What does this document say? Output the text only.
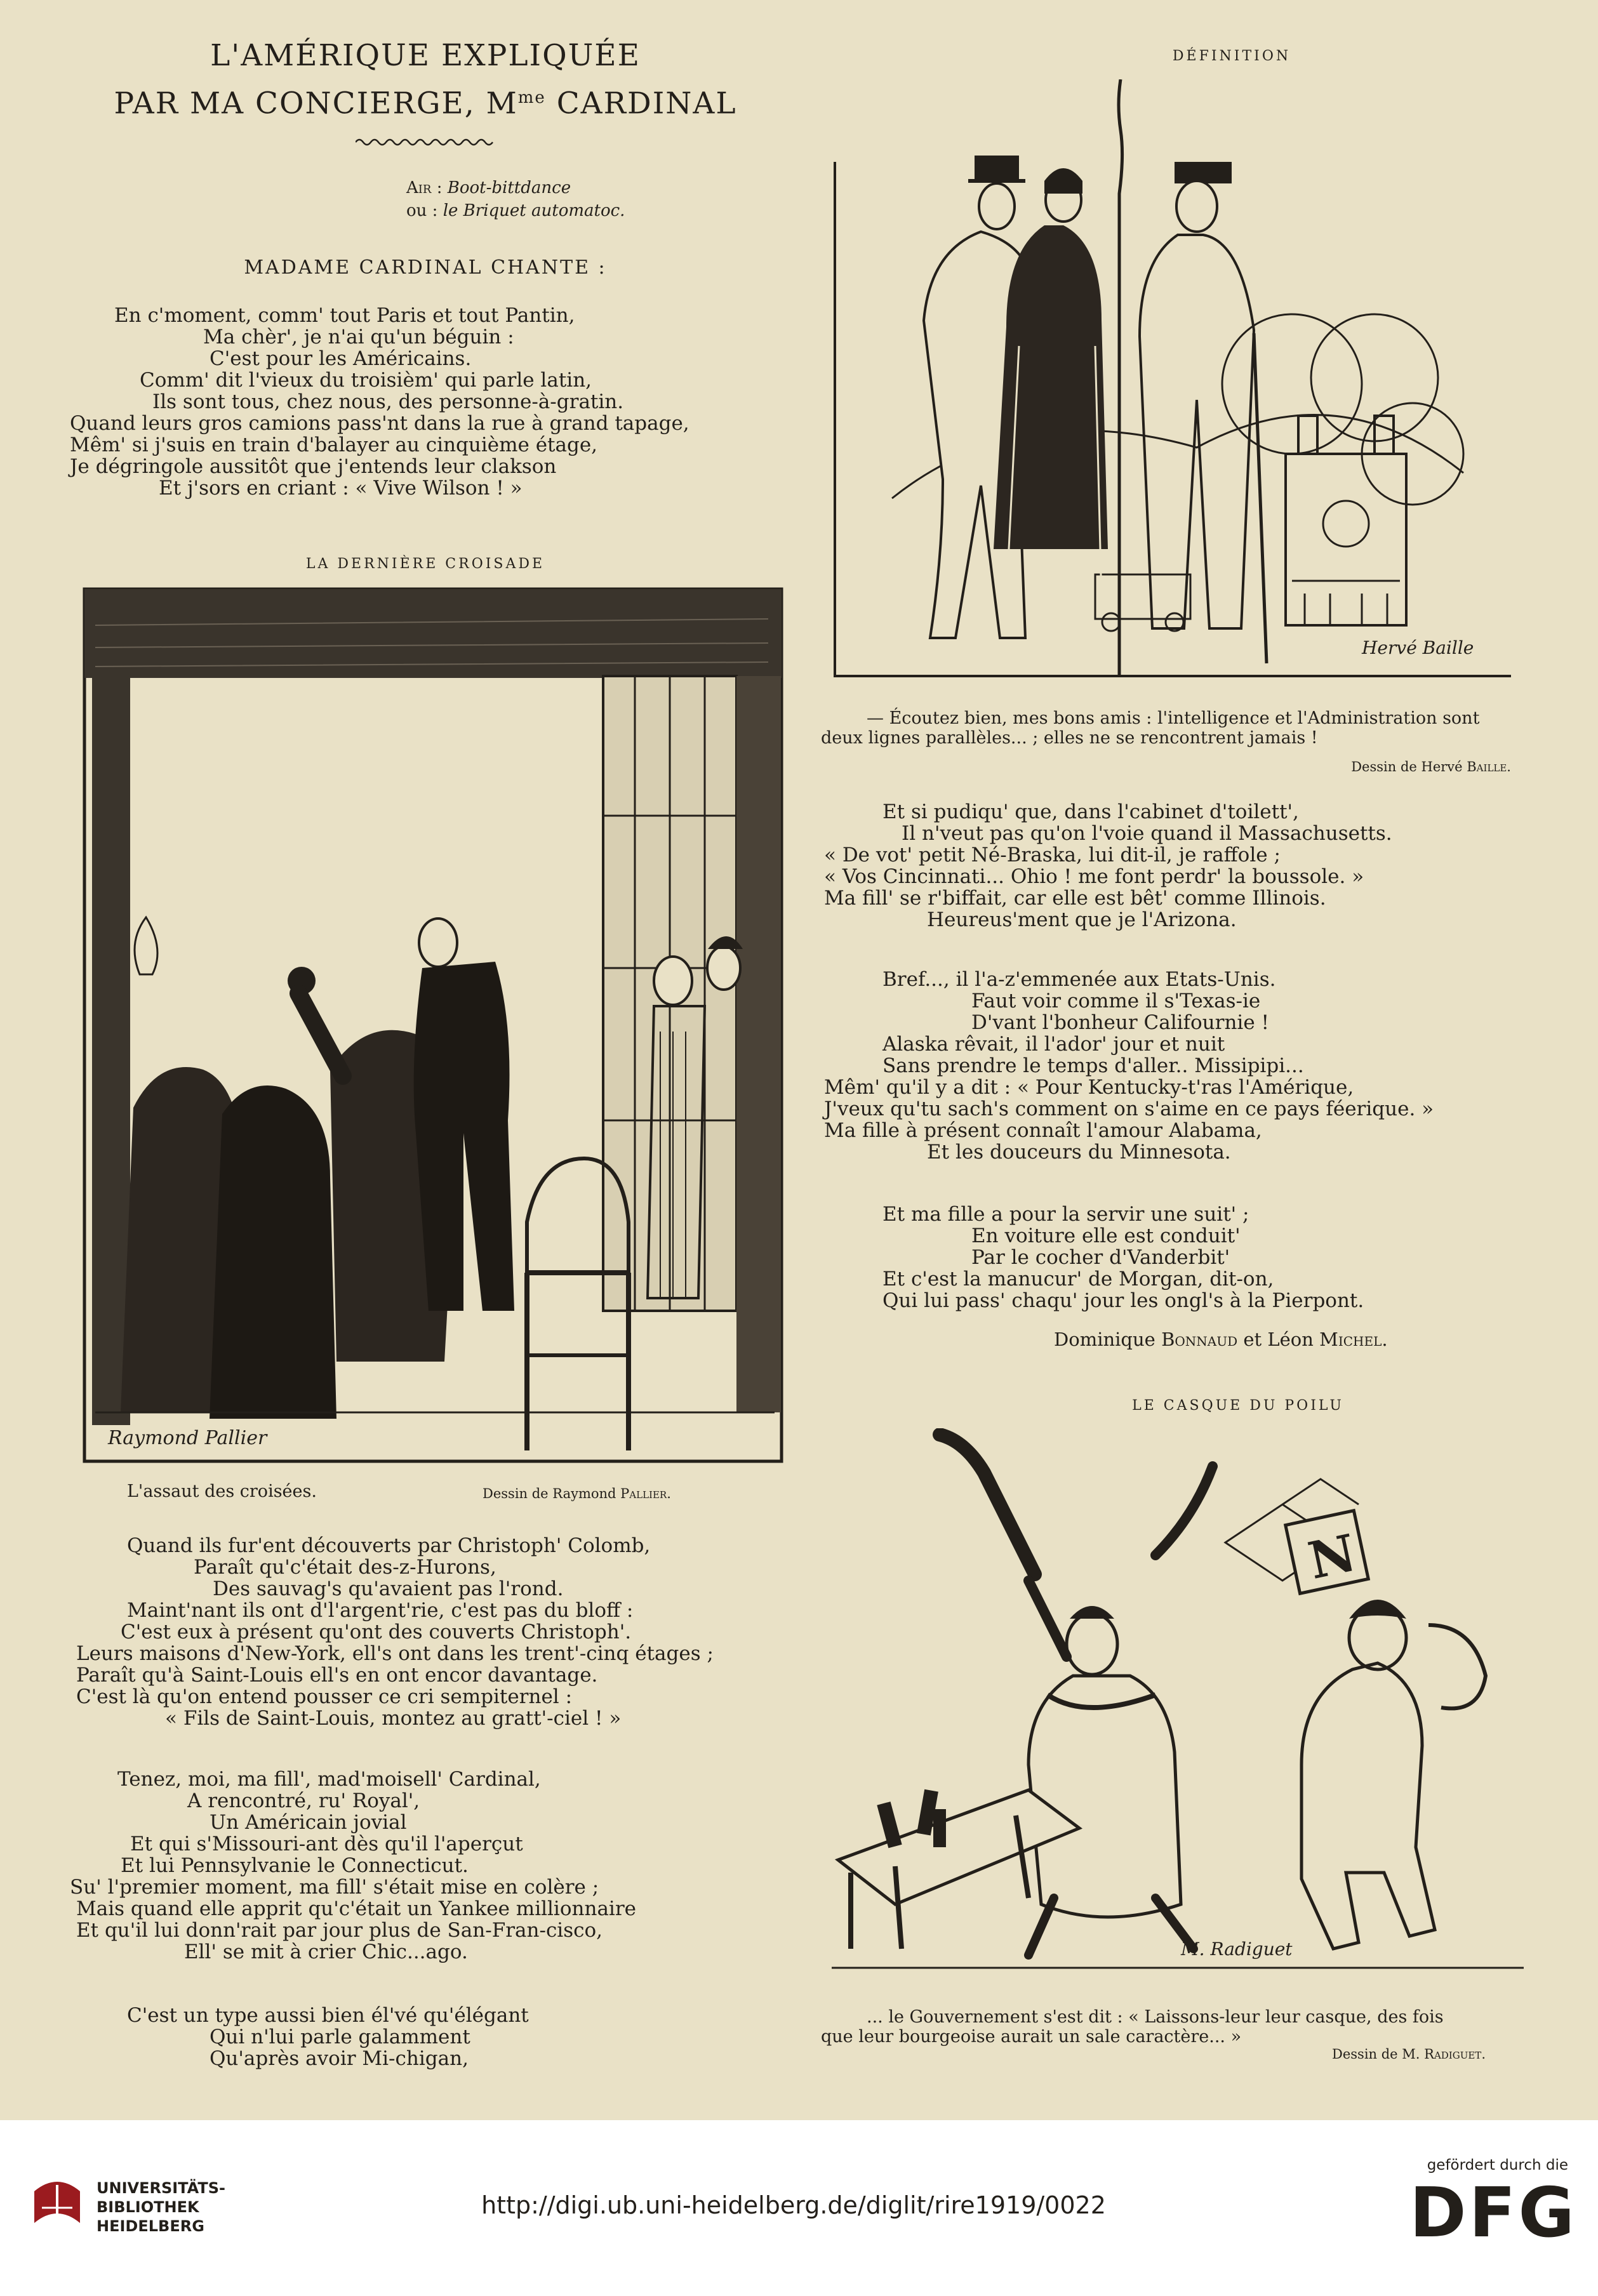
L'AMÉRIQUE EXPLIQUÉE
PAR MA CONCIERGE, $M^{me}$ CARDINAL
Air : Boot-bittdance
ou : le Briquet automatoc.
MADAME CARDINAL CHANTE :
En c'moment, comm' tout Paris et tout Pantin,
Ma chèr', je n'ai qu'un béguin :
C'est pour les Américains.
Comm' dit l'vieux du troisièm' qui parle latin,
Ils sont tous, chez nous, des personne-à-gratin.
Quand leurs gros camions pass'nt dans la rue à grand tapage,
Mêm' si j'suis en train d'balayer au cinquième étage,
Je dégringole aussitôt que j'entends leur clakson
Et j'sors en criant : « Vive Wilson ! »
LA DERNIÈRE CROISADE
Raymond Pallier
L'assaut des croisées.	Dessin de Raymond Pallier.
Quand ils fur'ent découverts par Christoph' Colomb,
Paraît qu'c'était des-z-Hurons,
Des sauvag's qu'avaient pas l'rond.
Maint'nant ils ont d'l'argent'rie, c'est pas du bloff :
C'est eux à présent qu'ont des couverts Christoph'.
Leurs maisons d'New-York, ell's ont dans les trent'-cinq étages ;
Paraît qu'à Saint-Louis ell's en ont encor davantage.
C'est là qu'on entend pousser ce cri sempiternel :
« Fils de Saint-Louis, montez au gratt'-ciel ! »
Tenez, moi, ma fill', mad'moisell' Cardinal,
A rencontré, ru' Royal',
Un Américain jovial
Et qui s'Missouri-ant dès qu'il l'aperçut
Et lui Pennsylvanie le Connecticut.
Su' l'premier moment, ma fill' s'était mise en colère ;
Mais quand elle apprit qu'c'était un Yankee millionnaire
Et qu'il lui donn'rait par jour plus de San-Fran-cisco,
Ell' se mit à crier Chic...ago.
C'est un type aussi bien él'vé qu'élégant
Qui n'lui parle galamment
Qu'après avoir Mi-chigan,
DÉFINITION
Hervé Baille
— Écoutez bien, mes bons amis : l'intelligence et l'Administration sont
deux lignes parallèles... ; elles ne se rencontrent jamais !
Dessin de Hervé Baille.
Et si pudiqu' que, dans l'cabinet d'toilett',
Il n'veut pas qu'on l'voie quand il Massachusetts.
« De vot' petit Né-Braska, lui dit-il, je raffole ;
« Vos Cincinnati... Ohio ! me font perdr' la boussole. »
Ma fill' se r'biffait, car elle est bêt' comme Illinois.
Heureus'ment que je l'Arizona.
Bref..., il l'a-z'emmenée aux Etats-Unis.
Faut voir comme il s'Texas-ie
D'vant l'bonheur Califournie !
Alaska rêvait, il l'ador' jour et nuit
Sans prendre le temps d'aller.. Missipipi...
Mêm' qu'il y a dit : « Pour Kentucky-t'ras l'Amérique,
J'veux qu'tu sach's comment on s'aime en ce pays féerique. »
Ma fille à présent connaît l'amour Alabama,
Et les douceurs du Minnesota.
Et ma fille a pour la servir une suit' ;
En voiture elle est conduit'
Par le cocher d'Vanderbit'
Et c'est la manucur' de Morgan, dit-on,
Qui lui pass' chaqu' jour les ongl's à la Pierpont.
Dominique Bonnaud et Léon Michel.
LE CASQUE DU POILU
N
M. Radiguet
... le Gouvernement s'est dit : « Laissons-leur leur casque, des fois
que leur bourgeoise aurait un sale caractère... »
Dessin de M. Radiguet.
UNIVERSITÄTS-
BIBLIOTHEK
HEIDELBERG
http://digi.ub.uni-heidelberg.de/diglit/rire1919/0022
gefördert durch die
DFG
